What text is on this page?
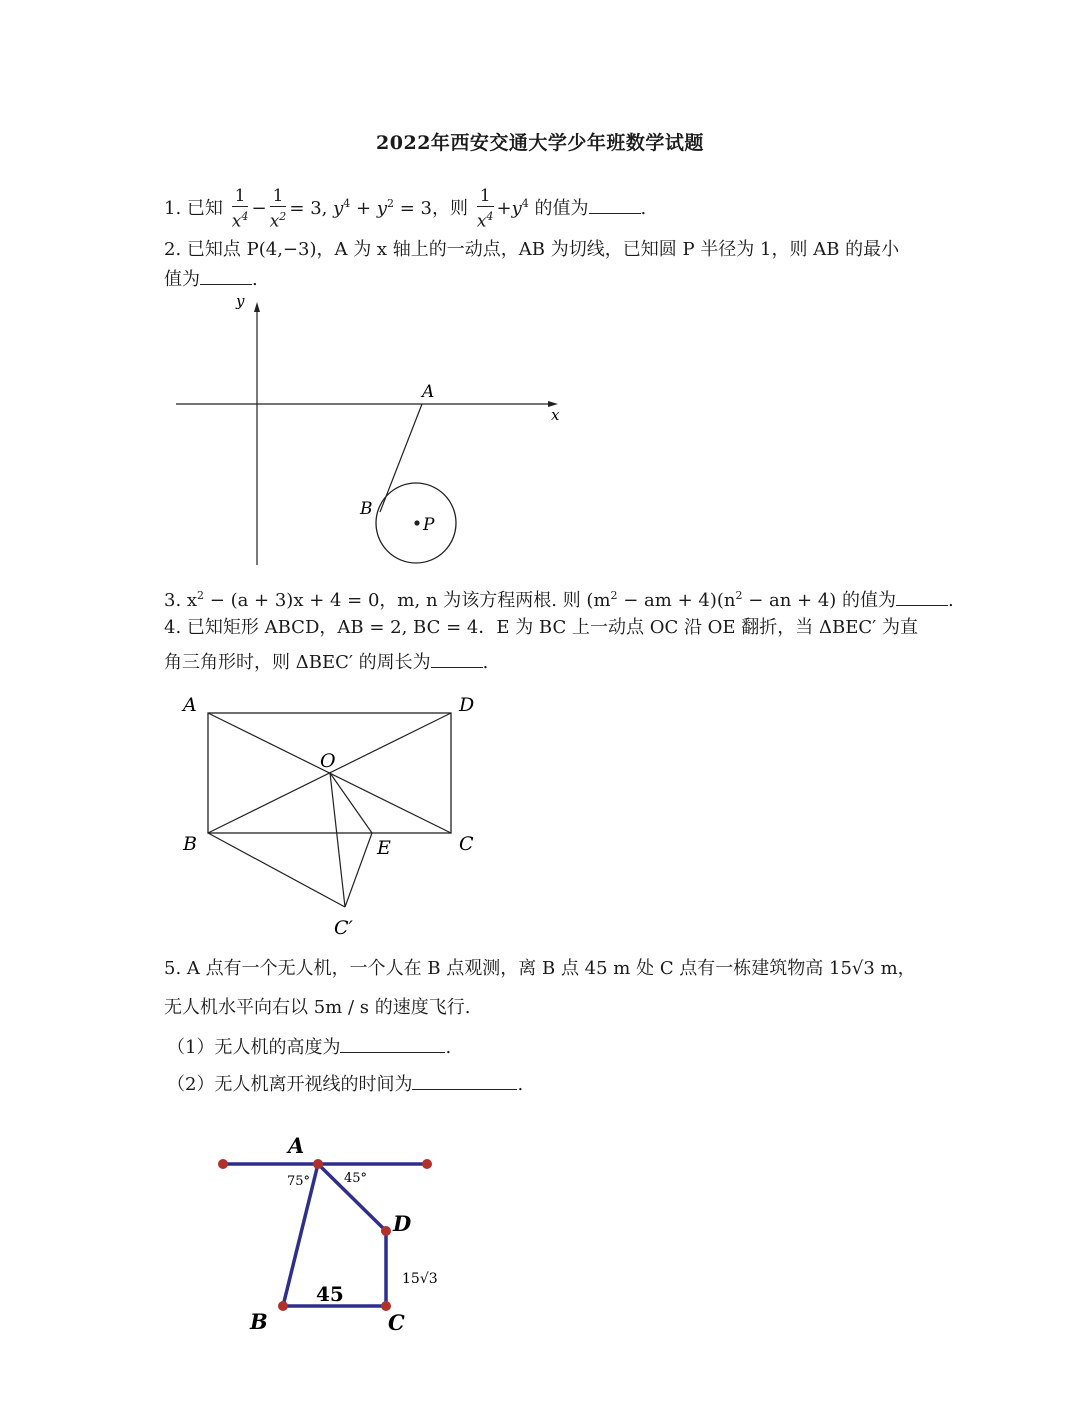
2022年西安交通大学少年班数学试题
1. 已知 $\frac{1}{x^4} - \frac{1}{x^2} = 3$, $y^4 + y^2 = 3$，则 $\frac{1}{x^4} +y^4$ 的值为	.
2. 已知点 P(4,−3)，A 为 x 轴上的一动点，AB 为切线，已知圆 P 半径为 1，则 AB 的最小
值为	.
y
x
A
B
P
3. $x^2 - (a + 3)x + 4 = 0$，m, n 为该方程两根. 则 ($m^2$ − am + $4)(n^2$ − an + 4) 的值为	.
4. 已知矩形 ABCD，AB = 2, BC = 4．E 为 BC 上一动点 OC 沿 OE 翻折，当 ΔBEC′ 为直
角三角形时，则 ΔBEC′ 的周长为	.
A	D
O
B	E	C
C′
5. A 点有一个无人机，一个人在 B 点观测，离 B 点 45 m 处 C 点有一栋建筑物高 15√3 m，
无人机水平向右以 5m / s 的速度飞行.
（1）无人机的高度为	.
（2）无人机离开视线的时间为	.
A
D
B	C
75°	45°
45
15√3
